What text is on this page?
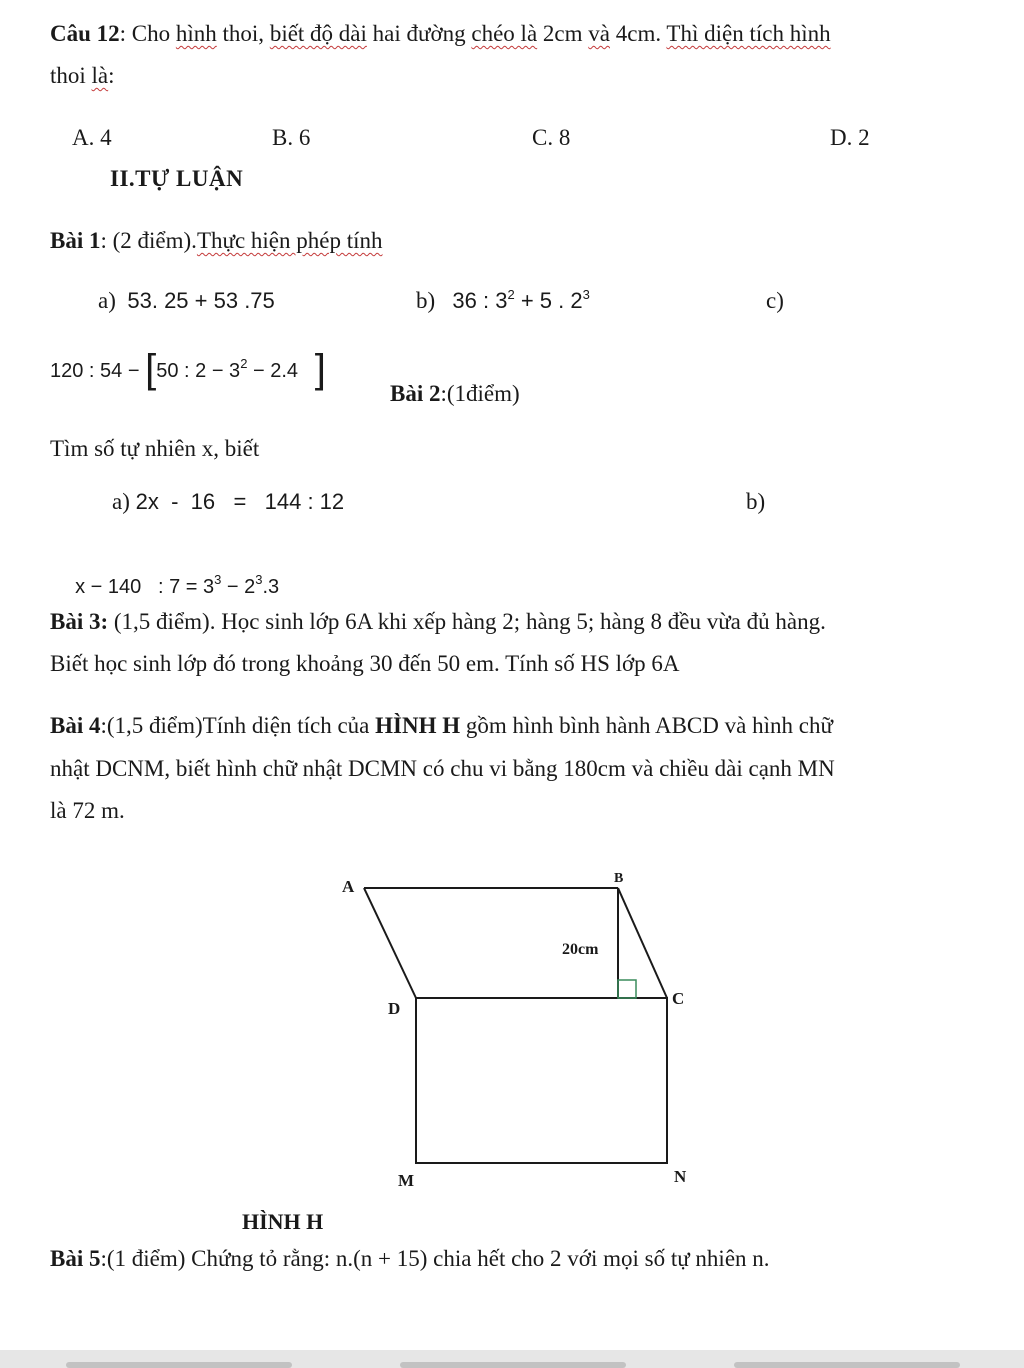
Câu 12: Cho hình thoi, biết độ dài hai đường chéo là 2cm và 4cm. Thì diện tích hình
thoi là:
A. 4	B. 6	C. 8	D. 2
II.TỰ LUẬN
Bài 1: (2 điểm).Thực hiện phép tính
a) 53. 25 + 53 .75	b) 36 : $3^2 + 5$ . $2^3$	c)
120 : 54 − [50 : $2 - 3^2 - 2.4$ ]
Bài 2:(1điểm)
Tìm số tự nhiên x, biết
a) 2x  -  16   =   144 : 12	b)

x − 140   : $7 = 3^3 - 2^3.3$

Bài 3: (1,5 điểm). Học sinh lớp 6A khi xếp hàng 2; hàng 5; hàng 8 đều vừa đủ hàng.
Biết học sinh lớp đó trong khoảng 30 đến 50 em. Tính số HS lớp 6A
Bài 4:(1,5 điểm)Tính diện tích của HÌNH H gồm hình bình hành ABCD và hình chữ
nhật DCNM, biết hình chữ nhật DCMN có chu vi bằng 180cm và chiều dài cạnh MN
là 72 m.
A	B
C
D
M	N
20cm
HÌNH H
Bài 5:(1 điểm) Chứng tỏ rằng: n.(n + 15) chia hết cho 2 với mọi số tự nhiên n.
